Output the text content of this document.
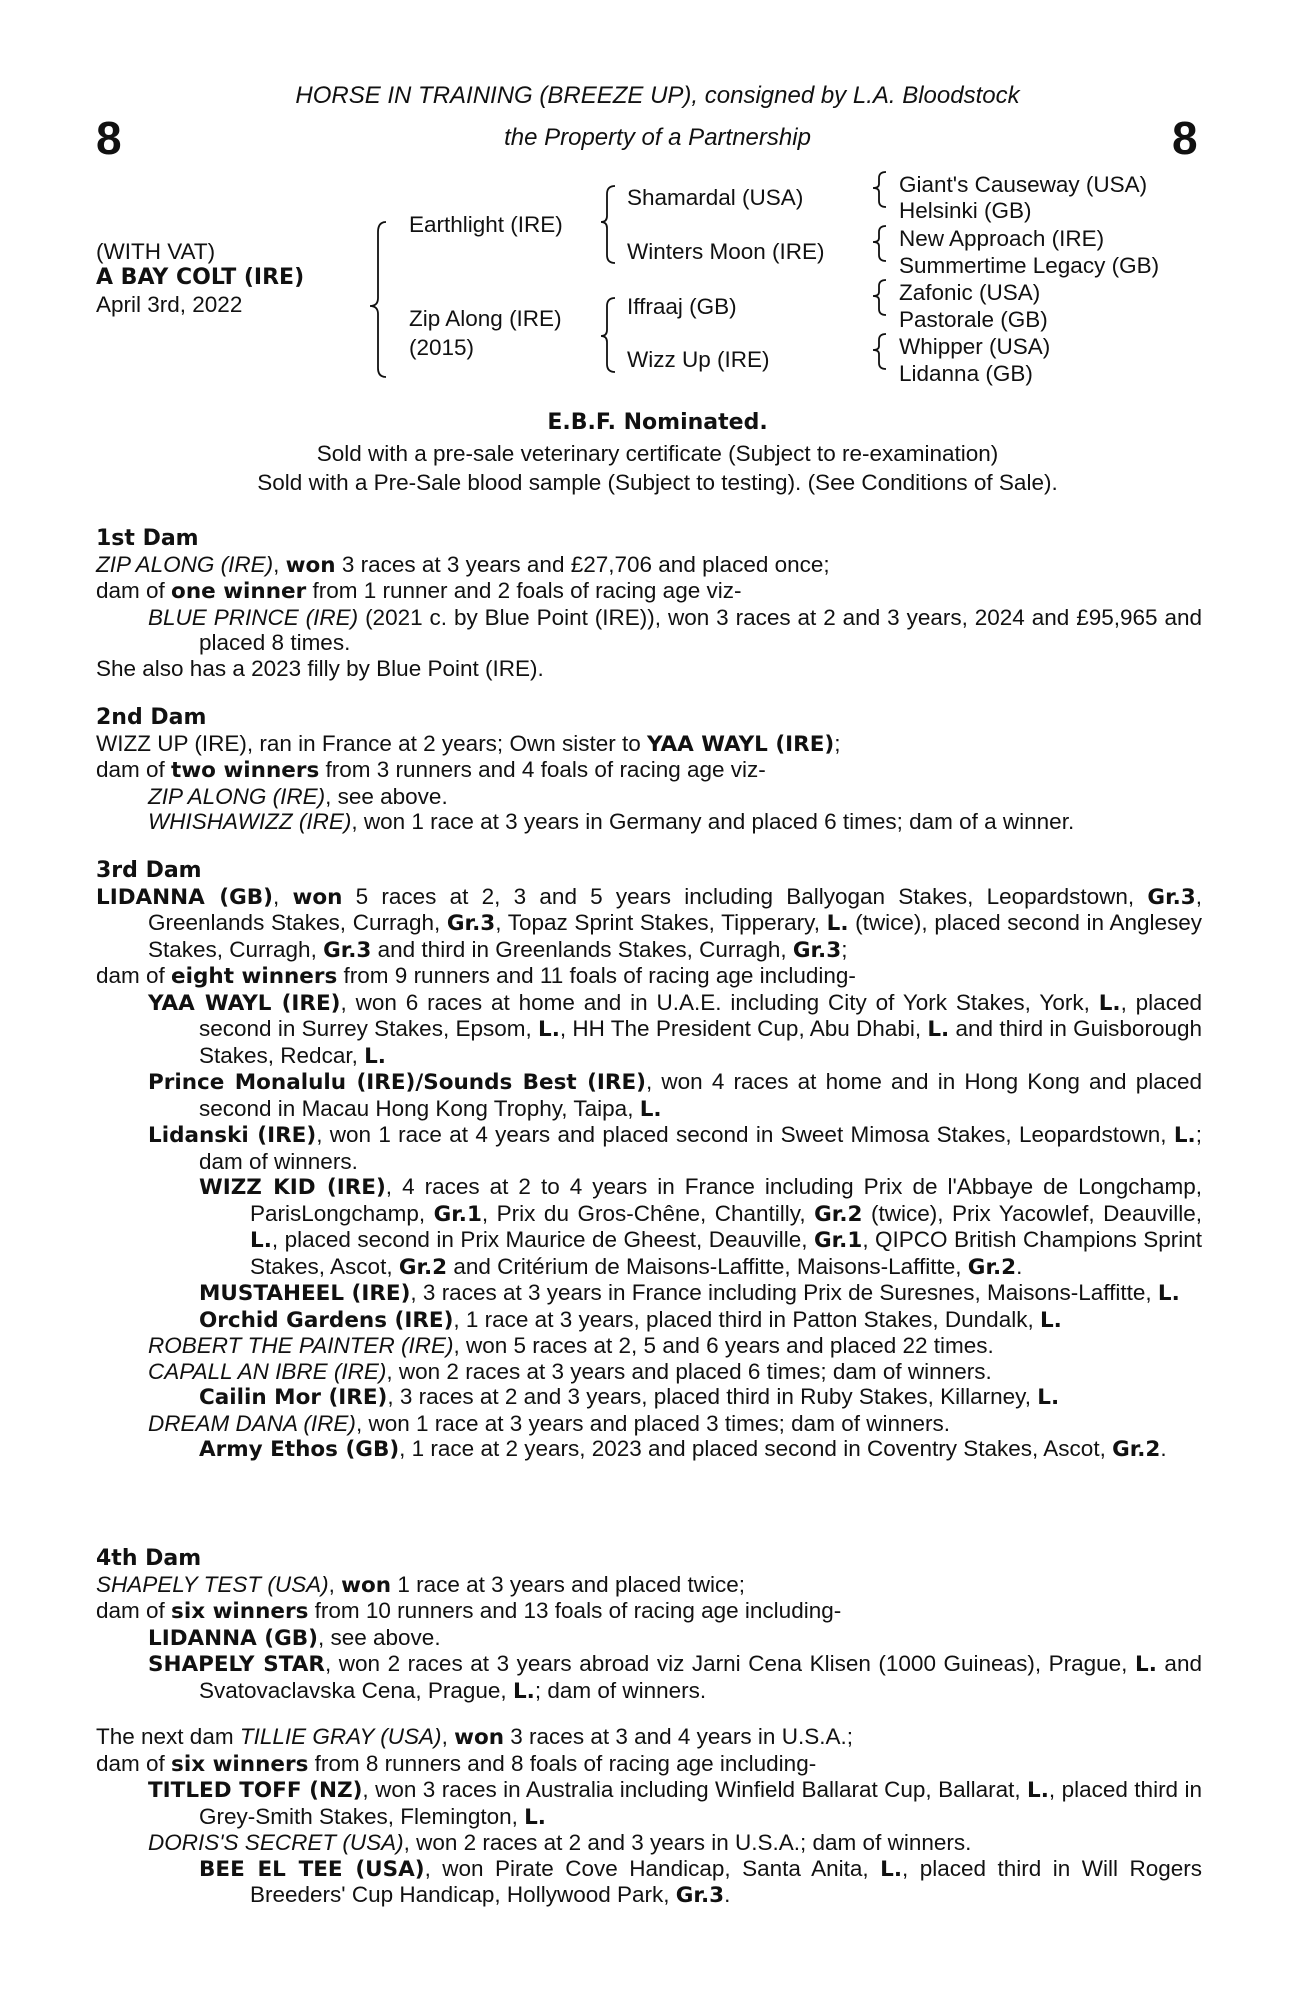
8	8
HORSE IN TRAINING (BREEZE UP), consigned by L.A. Bloodstock
the Property of a Partnership
(WITH VAT)
A BAY COLT (IRE)
April 3rd, 2022
Earthlight (IRE)
Zip Along (IRE)
(2015)
Shamardal (USA)
Winters Moon (IRE)
Iffraaj (GB)
Wizz Up (IRE)
Giant's Causeway (USA)
Helsinki (GB)
New Approach (IRE)
Summertime Legacy (GB)
Zafonic (USA)
Pastorale (GB)
Whipper (USA)
Lidanna (GB)
E.B.F. Nominated.
Sold with a pre-sale veterinary certificate (Subject to re-examination)
Sold with a Pre-Sale blood sample (Subject to testing). (See Conditions of Sale).
1st Dam
ZIP ALONG (IRE), won 3 races at 3 years and £27,706 and placed once;
dam of one winner from 1 runner and 2 foals of racing age viz-
BLUE PRINCE (IRE) (2021 c. by Blue Point (IRE)), won 3 races at 2 and 3 years, 2024 and £95,965 and placed 8 times.
She also has a 2023 filly by Blue Point (IRE).
2nd Dam
WIZZ UP (IRE), ran in France at 2 years; Own sister to YAA WAYL (IRE);
dam of two winners from 3 runners and 4 foals of racing age viz-
ZIP ALONG (IRE), see above.
WHISHAWIZZ (IRE), won 1 race at 3 years in Germany and placed 6 times; dam of a winner.
3rd Dam
LIDANNA (GB), won 5 races at 2, 3 and 5 years including Ballyogan Stakes, Leopardstown, Gr.3, Greenlands Stakes, Curragh, Gr.3, Topaz Sprint Stakes, Tipperary, L. (twice), placed second in Anglesey Stakes, Curragh, Gr.3 and third in Greenlands Stakes, Curragh, Gr.3;
dam of eight winners from 9 runners and 11 foals of racing age including-
YAA WAYL (IRE), won 6 races at home and in U.A.E. including City of York Stakes, York, L., placed second in Surrey Stakes, Epsom, L., HH The President Cup, Abu Dhabi, L. and third in Guisborough Stakes, Redcar, L.
Prince Monalulu (IRE)/Sounds Best (IRE), won 4 races at home and in Hong Kong and placed second in Macau Hong Kong Trophy, Taipa, L.
Lidanski (IRE), won 1 race at 4 years and placed second in Sweet Mimosa Stakes, Leopardstown, L.; dam of winners.
WIZZ KID (IRE), 4 races at 2 to 4 years in France including Prix de l'Abbaye de Longchamp, ParisLongchamp, Gr.1, Prix du Gros-Chêne, Chantilly, Gr.2 (twice), Prix Yacowlef, Deauville, L., placed second in Prix Maurice de Gheest, Deauville, Gr.1, QIPCO British Champions Sprint Stakes, Ascot, Gr.2 and Critérium de Maisons-Laffitte, Maisons-Laffitte, Gr.2.
MUSTAHEEL (IRE), 3 races at 3 years in France including Prix de Suresnes, Maisons-Laffitte, L.
Orchid Gardens (IRE), 1 race at 3 years, placed third in Patton Stakes, Dundalk, L.
ROBERT THE PAINTER (IRE), won 5 races at 2, 5 and 6 years and placed 22 times.
CAPALL AN IBRE (IRE), won 2 races at 3 years and placed 6 times; dam of winners.
Cailin Mor (IRE), 3 races at 2 and 3 years, placed third in Ruby Stakes, Killarney, L.
DREAM DANA (IRE), won 1 race at 3 years and placed 3 times; dam of winners.
Army Ethos (GB), 1 race at 2 years, 2023 and placed second in Coventry Stakes, Ascot, Gr.2.
4th Dam
SHAPELY TEST (USA), won 1 race at 3 years and placed twice;
dam of six winners from 10 runners and 13 foals of racing age including-
LIDANNA (GB), see above.
SHAPELY STAR, won 2 races at 3 years abroad viz Jarni Cena Klisen (1000 Guineas), Prague, L. and Svatovaclavska Cena, Prague, L.; dam of winners.
The next dam TILLIE GRAY (USA), won 3 races at 3 and 4 years in U.S.A.;
dam of six winners from 8 runners and 8 foals of racing age including-
TITLED TOFF (NZ), won 3 races in Australia including Winfield Ballarat Cup, Ballarat, L., placed third in Grey-Smith Stakes, Flemington, L.
DORIS'S SECRET (USA), won 2 races at 2 and 3 years in U.S.A.; dam of winners.
BEE EL TEE (USA), won Pirate Cove Handicap, Santa Anita, L., placed third in Will Rogers Breeders' Cup Handicap, Hollywood Park, Gr.3.
